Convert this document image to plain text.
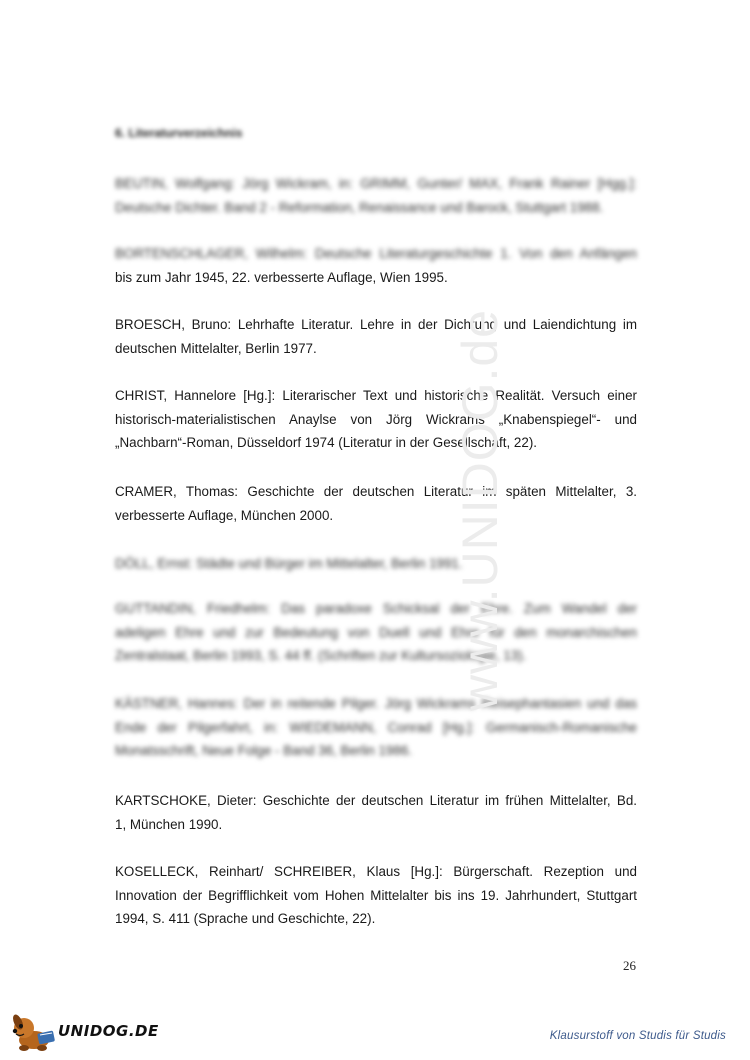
6. Literaturverzeichnis
BEUTIN, Wolfgang: Jörg Wickram, in: GRIMM, Gunter/ MAX, Frank Rainer [Hgg.]:
Deutsche Dichter. Band 2 - Reformation, Renaissance und Barock, Stuttgart 1988.
BORTENSCHLAGER, Wilhelm: Deutsche Literaturgeschichte 1. Von den Anfängen
bis zum Jahr 1945, 22. verbesserte Auflage, Wien 1995.
BROESCH, Bruno: Lehrhafte Literatur. Lehre in der Dichtung und Laiendichtung im
deutschen Mittelalter, Berlin 1977.
CHRIST, Hannelore [Hg.]: Literarischer Text und historische Realität. Versuch einer
historisch-materialistischen Anaylse von Jörg Wickrams „Knabenspiegel“- und
„Nachbarn“-Roman, Düsseldorf 1974 (Literatur in der Gesellschaft, 22).
CRAMER, Thomas: Geschichte der deutschen Literatur im späten Mittelalter, 3.
verbesserte Auflage, München 2000.
DÖLL, Ernst: Städte und Bürger im Mittelalter, Berlin 1991.
GUTTANDIN, Friedhelm: Das paradoxe Schicksal der Ehre. Zum Wandel der
adeligen Ehre und zur Bedeutung von Duell und Ehre für den monarchischen
Zentralstaat, Berlin 1993, S. 44 ff. (Schriften zur Kultursoziologie, 13).
KÄSTNER, Hannes: Der in reitende Pilger. Jörg Wickrams Reisephantasien und das
Ende der Pilgerfahrt, in: WIEDEMANN, Conrad [Hg.]: Germanisch-Romanische
Monatsschrift, Neue Folge - Band 36, Berlin 1986.
KARTSCHOKE, Dieter: Geschichte der deutschen Literatur im frühen Mittelalter, Bd.
1, München 1990.
KOSELLECK, Reinhart/ SCHREIBER, Klaus [Hg.]: Bürgerschaft. Rezeption und
Innovation der Begrifflichkeit vom Hohen Mittelalter bis ins 19. Jahrhundert, Stuttgart
1994, S. 411 (Sprache und Geschichte, 22).
www.UNIDOG.de
26
UNIDOG.DE	Klausurstoff von Studis für Studis
